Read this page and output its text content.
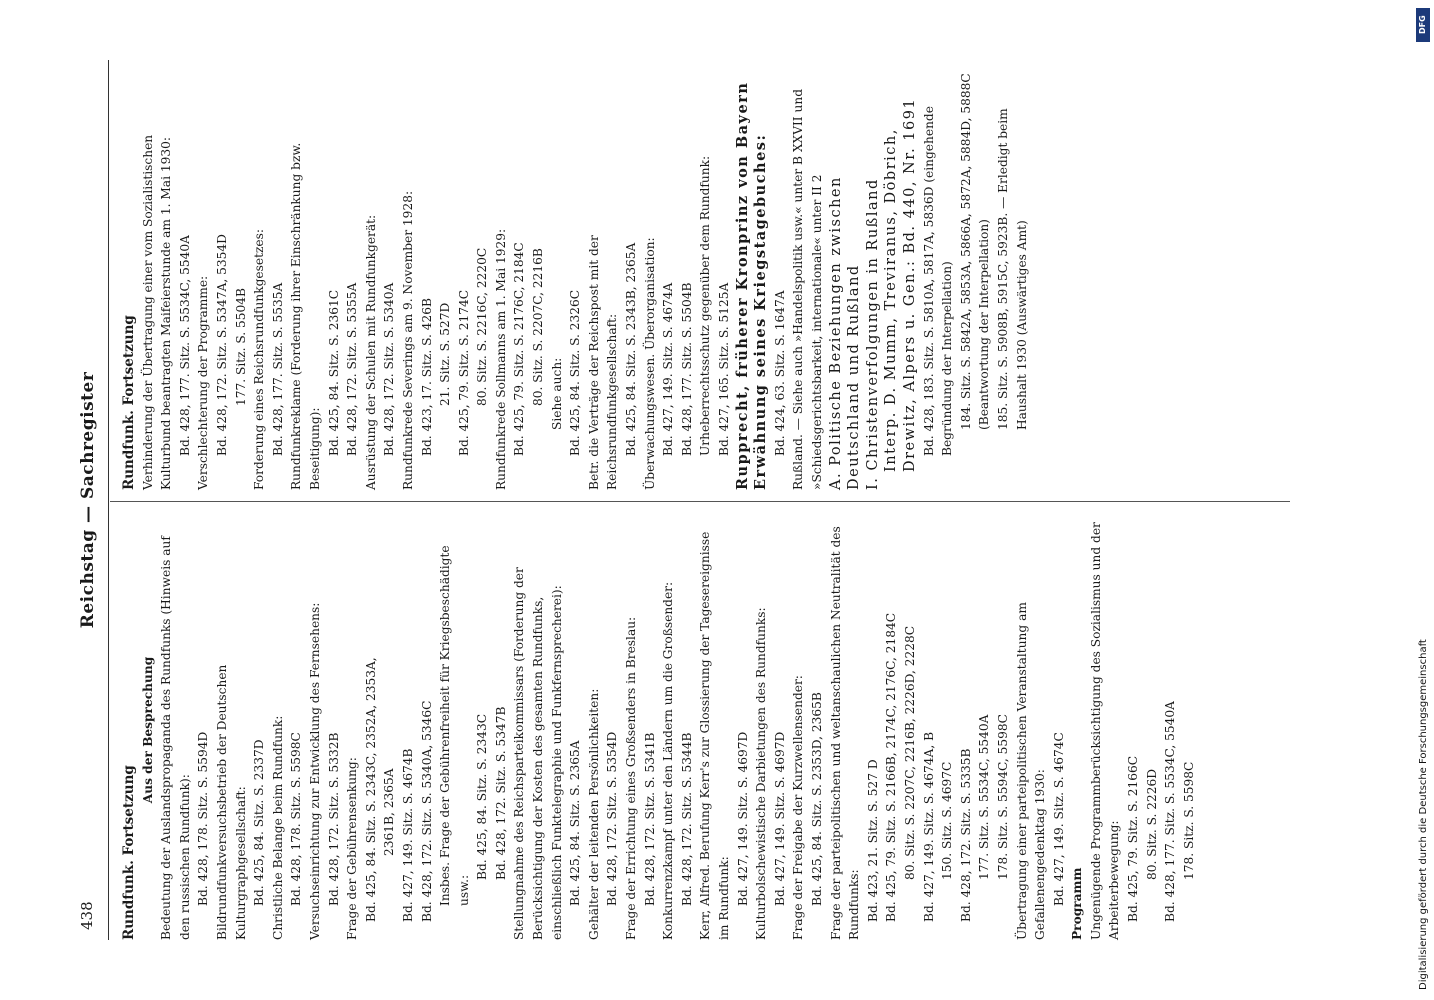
DFG
Digitalisierung gefördert durch die Deutsche Forschungsgemeinschaft
438
Reichstag — Sachregister

Rundfunk. Fortsetzung

Aus der Besprechung Bedeutung der Auslandspropaganda des Rundfunks (Hinweis auf den russischen Rundfunk): Bd. 428, 178. Sitz. S. 5594D Bildrundfunkversuchsbetrieb der Deutschen Kulturgraphgesellschaft: Bd. 425, 84. Sitz. S. 2337D Christliche Belange beim Rundfunk: Bd. 428, 178. Sitz. S. 5598C Versuchseinrichtung zur Entwicklung des Fernsehens: Bd. 428, 172. Sitz. S. 5332B Frage der Gebührensenkung: Bd. 425, 84. Sitz. S. 2343C, 2352A, 2353A, 2361B, 2365A Bd. 427, 149. Sitz. S. 4674B Bd. 428, 172. Sitz. S. 5340A, 5346C Insbes. Frage der Gebührenfreiheit für Kriegsbeschädigte usw.:

Bd. 425, 84. Sitz. S. 2343C Bd. 428, 172. Sitz. S. 5347B Stellungnahme des Reichsparteikommissars (Forderung der Berücksichtigung der Kosten des gesamten Rundfunks, einschließlich Funktelegraphie und Funkfernsprecherei): Bd. 425, 84. Sitz. S. 2365A Gehälter der leitenden Persönlichkeiten: Bd. 428, 172. Sitz. S. 5354D Frage der Errichtung eines Großsenders in Breslau: Bd. 428, 172. Sitz. S. 5341B Konkurrenzkampf unter den Ländern um die Großsender: Bd. 428, 172. Sitz. S. 5344B Kerr, Alfred. Berufung Kerr's zur Glossierung der Tagesereignisse im Rundfunk: Bd. 427, 149. Sitz. S. 4697D Kulturbolschewistische Darbietungen des Rundfunks: Bd. 427, 149. Sitz. S. 4697D Frage der Freigabe der Kurzwellensender: Bd. 425, 84. Sitz. S. 2353D, 2365B Frage der parteipolitischen und weltanschaulichen Neutralität des Rundfunks: Bd. 423, 21. Sitz. S. 527 D Bd. 425, 79. Sitz. S. 2166B, 2174C, 2176C, 2184C 80. Sitz. S. 2207C, 2216B, 2226D, 2228C Bd. 427, 149. Sitz. S. 4674A, B 150. Sitz. S. 4697C Bd. 428, 172. Sitz. S. 5335B 177. Sitz. S. 5534C, 5540A 178. Sitz. S. 5594C, 5598C Übertragung einer parteipolitischen Veranstaltung am Gefallenengedenktag 1930: Bd. 427, 149. Sitz. S. 4674C Programm Ungenügende Programmberücksichtigung des Sozialismus und der Arbeiterbewegung: Bd. 425, 79. Sitz. S. 2166C 80. Sitz. S. 2226D Bd. 428, 177. Sitz. S. 5534C, 5540A 178. Sitz. S. 5598C

Rundfunk. Fortsetzung Verhinderung der Übertragung einer vom Sozialistischen Kulturbund beantragten Maifeierstunde am 1. Mai 1930: Bd. 428, 177. Sitz. S. 5534C, 5540A Verschlechterung der Programme: Bd. 428, 172. Sitz. S. 5347A, 5354D 177. Sitz. S. 5504B Forderung eines Reichsrundfunkgesetzes: Bd. 428, 177. Sitz. S. 5535A Rundfunkreklame (Forderung ihrer Einschränkung bzw. Beseitigung): Bd. 425, 84. Sitz. S. 2361C Bd. 428, 172. Sitz. S. 5355A Ausrüstung der Schulen mit Rundfunkgerät: Bd. 428, 172. Sitz. S. 5340A Rundfunkrede Severings am 9. November 1928: Bd. 423, 17. Sitz. S. 426B 21. Sitz. S. 527D Bd. 425, 79. Sitz. S. 2174C 80. Sitz. S. 2216C, 2220C Rundfunkrede Sollmanns am 1. Mai 1929: Bd. 425, 79. Sitz. S. 2176C, 2184C 80. Sitz. S. 2207C, 2216B Siehe auch: Bd. 425, 84. Sitz. S. 2326C Betr. die Verträge der Reichspost mit der Reichsrundfunkgesellschaft: Bd. 425, 84. Sitz. S. 2343B, 2365A Überwachungswesen. Überorganisation: Bd. 427, 149. Sitz. S. 4674A Bd. 428, 177. Sitz. S. 5504B Urheberrechtsschutz gegenüber dem Rundfunk: Bd. 427, 165. Sitz. S. 5125A Rupprecht, früherer Kronprinz von Bayern Erwähnung seines Kriegstagebuches: Bd. 424, 63. Sitz. S. 1647A Rußland. — Siehe auch »Handelspolitik usw.« unter B XXVII und »Schiedsgerichtsbarkeit, internationale« unter II 2 A. Politische Beziehungen zwischen Deutschland und Rußland I. Christenverfolgungen in Rußland Interp. D. Mumm, Treviranus, Döbrich, Drewitz, Alpers u. Gen.: Bd. 440, Nr. 1691 Bd. 428, 183. Sitz. S. 5810A, 5817A, 5836D (eingehende Begründung der Interpellation) 184. Sitz. S. 5842A, 5853A, 5866A, 5872A, 5884D, 5888C (Beantwortung der Interpellation) 185. Sitz. S. 5908B, 5915C, 5923B. — Erledigt beim Haushalt 1930 (Auswärtiges Amt)
